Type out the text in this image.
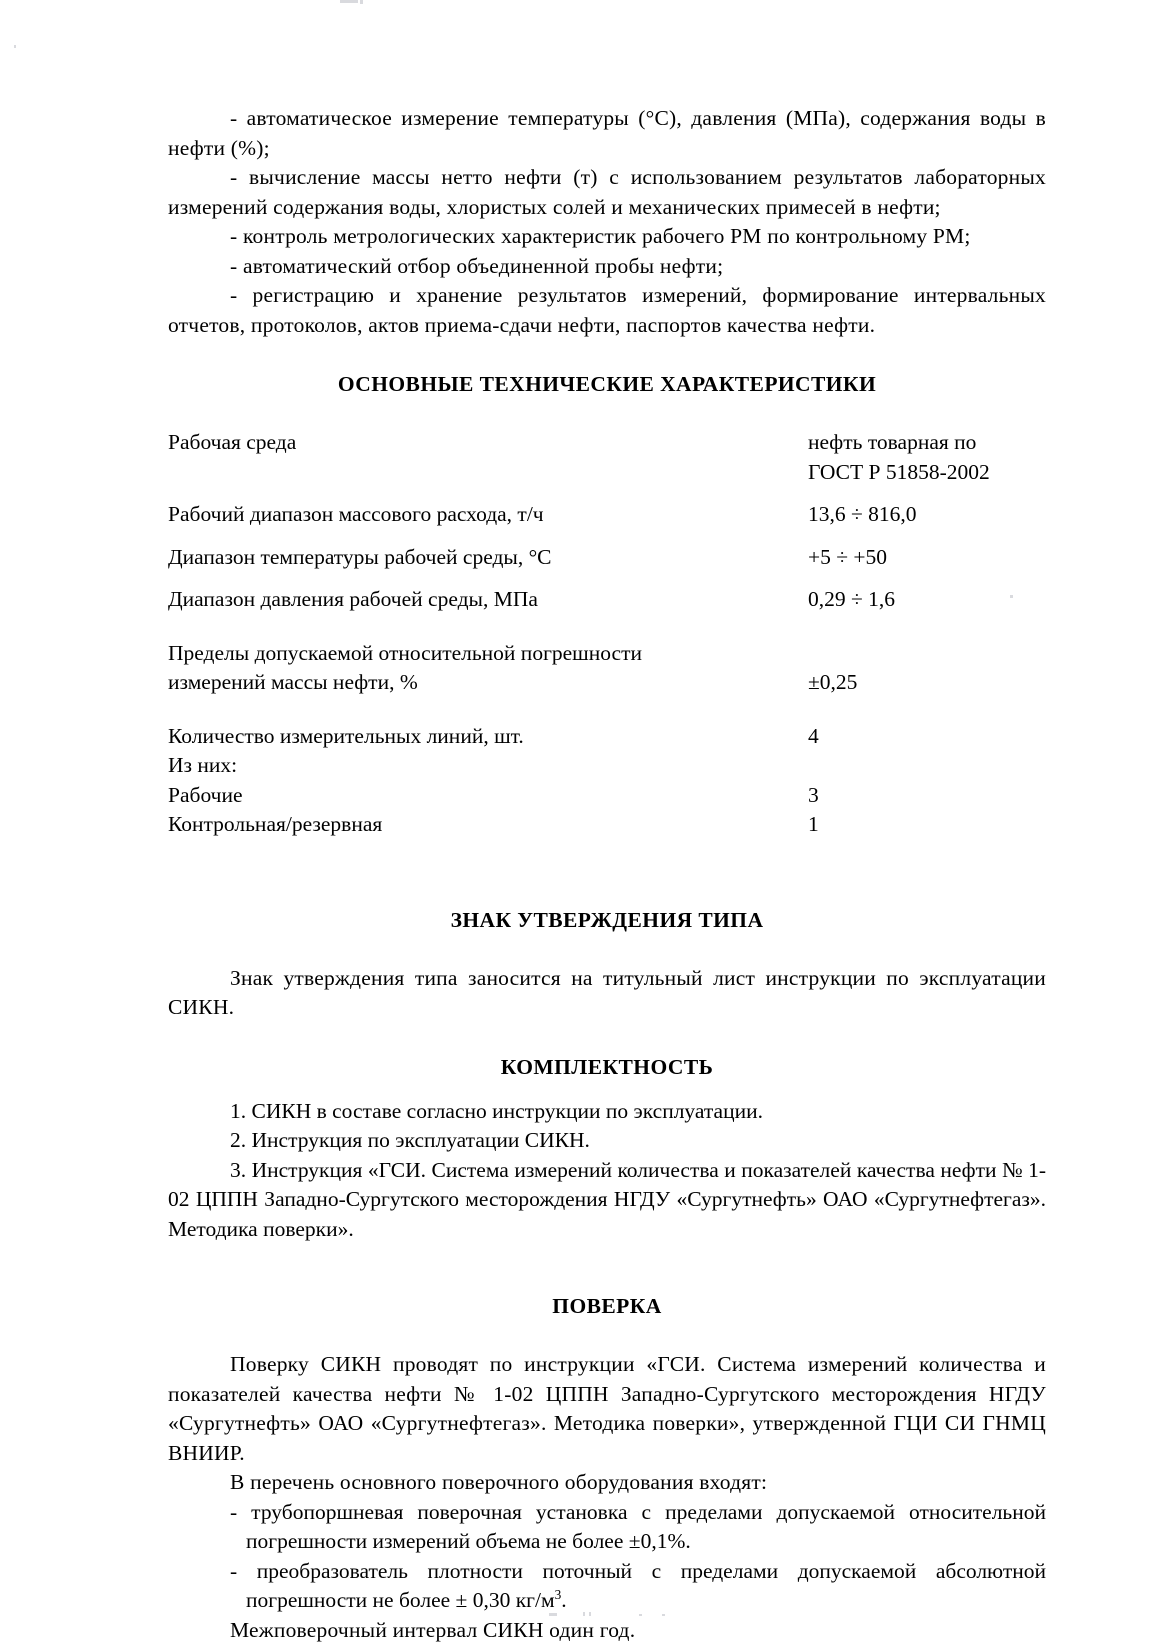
- автоматическое измерение температуры (°С), давления (МПа), содержания воды в нефти (%);

- вычисление массы нетто нефти (т) с использованием результатов лабораторных измерений содержания воды, хлористых солей и механических примесей в нефти;

- контроль метрологических характеристик рабочего РМ по контрольному РМ;

- автоматический отбор объединенной пробы нефти;

- регистрацию и хранение результатов измерений, формирование интервальных отчетов, протоколов, актов приема-сдачи нефти, паспортов качества нефти.

ОСНОВНЫЕ ТЕХНИЧЕСКИЕ ХАРАКТЕРИСТИКИ
Рабочая среда	нефть товарная по
ГОСТ Р 51858-2002

Рабочий диапазон массового расхода, т/ч	13,6 ÷ 816,0

Диапазон температуры рабочей среды, °С	+5 ÷ +50

Диапазон давления рабочей среды, МПа	0,29 ÷ 1,6

Пределы допускаемой относительной погрешности
измерений массы нефти, %	±0,25

Количество измерительных линий, шт.	4
Из них:	
Рабочие	3
Контрольная/резервная	1
ЗНАК УТВЕРЖДЕНИЯ ТИПА

Знак утверждения типа заносится на титульный лист инструкции по эксплуатации СИКН.

КОМПЛЕКТНОСТЬ
1. СИКН в составе согласно инструкции по эксплуатации.
2. Инструкция по эксплуатации СИКН.
3. Инструкция «ГСИ. Система измерений количества и показателей качества нефти № 1-02 ЦППН Западно-Сургутского месторождения НГДУ «Сургутнефть» ОАО «Сургутнефтегаз». Методика поверки».
ПОВЕРКА

Поверку СИКН проводят по инструкции «ГСИ. Система измерений количества и показателей качества нефти № 1-02 ЦППН Западно-Сургутского месторождения НГДУ «Сургутнефть» ОАО «Сургутнефтегаз». Методика поверки», утвержденной ГЦИ СИ ГНМЦ ВНИИР.

В перечень основного поверочного оборудования входят:

- трубопоршневая поверочная установка с пределами допускаемой относительной погрешности измерений объема не более ±0,1%.
- преобразователь плотности поточный с пределами допускаемой абсолютной погрешности не более ± 0,30 $кг/м^3$.

Межповерочный интервал СИКН один год.
